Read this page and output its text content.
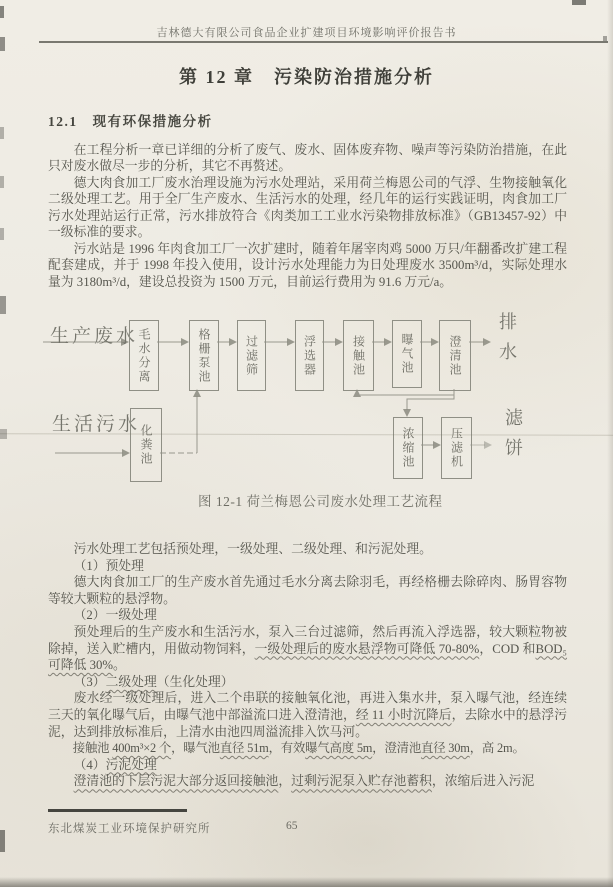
吉林德大有限公司食品企业扩建项目环境影响评价报告书
第 12 章　污染防治措施分析
12.1　现有环保措施分析

在工程分析一章已详细的分析了废气、废水、固体废弃物、噪声等污染防治措施，在此只对废水做尽一步的分析，其它不再赘述。

德大肉食加工厂废水治理设施为污水处理站，采用荷兰梅恩公司的气浮、生物接触氧化二级处理工艺。用于全厂生产废水、生活污水的处理，经几年的运行实践证明，肉食加工厂污水处理站运行正常，污水排放符合《肉类加工工业水污染物排放标准》（GB13457-92）中一级标准的要求。

污水站是 1996 年肉食加工厂一次扩建时，随着年屠宰肉鸡 5000 万只/年翻番改扩建工程配套建成，并于 1998 年投入使用，设计污水处理能力为日处理废水 3500m³/d，实际处理水量为 3180m³/d，建设总投资为 1500 万元，目前运行费用为 91.6 万元/a。

生产废水
生活污水
排水
滤饼
毛水分离	格栅泵池	过滤筛	浮选器	接触池	曝气池	澄清池
化粪池	浓缩池	压滤机
图 12-1 荷兰梅恩公司废水处理工艺流程

污水处理工艺包括预处理，一级处理、二级处理、和污泥处理。

（1）预处理

德大肉食加工厂的生产废水首先通过毛水分离去除羽毛，再经格栅去除碎肉、肠胃容物等较大颗粒的悬浮物。

（2）一级处理

预处理后的生产废水和生活污水，泵入三台过滤筛，然后再流入浮选器，较大颗粒物被除掉，送入贮槽内，用做动物饲料，一级处理后的废水悬浮物可降低 70-80%，COD 和BOD₅可降低 30%。

（3）二级处理（生化处理）

废水经一级处理后，进入二个串联的接触氧化池，再进入集水井，泵入曝气池，经连续三天的氧化曝气后，由曝气池中部溢流口进入澄清池，经 11 小时沉降后，去除水中的悬浮污泥，达到排放标准后，上清水由池四周溢流排入饮马河。

接触池 400m³×2 个，曝气池直径 51m，有效曝气高度 5m，澄清池直径 30m，高 2m。

（4）污泥处理

澄清池的下层污泥大部分返回接触池，过剩污泥泵入贮存池蓄积，浓缩后进入污泥

东北煤炭工业环境保护研究所	65
